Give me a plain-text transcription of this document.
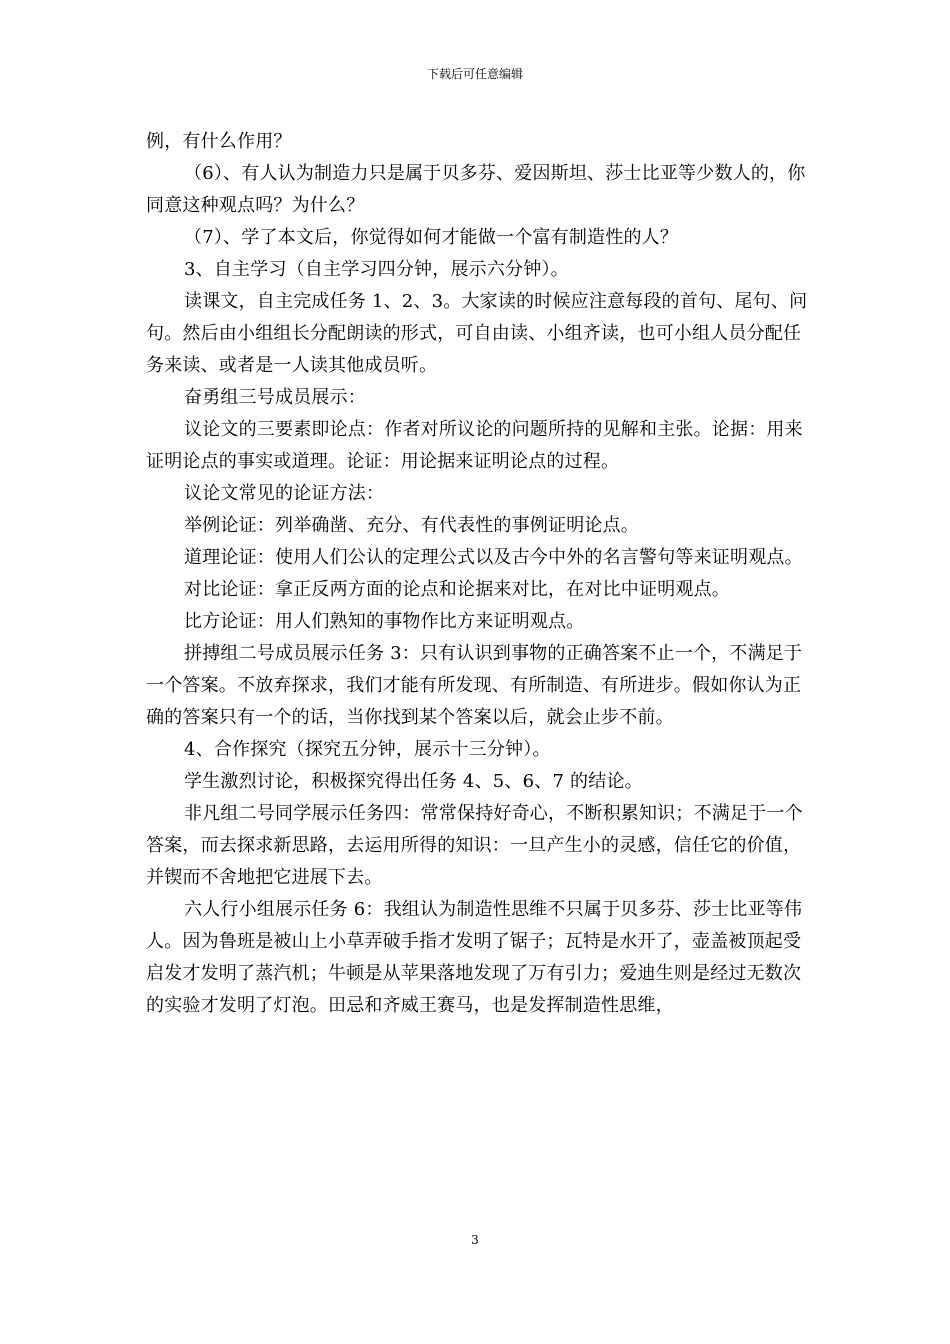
下载后可任意编辑

例，有什么作用？

（6）、有人认为制造力只是属于贝多芬、爱因斯坦、莎士比亚等少数人的，你同意这种观点吗？为什么？

（7）、学了本文后，你觉得如何才能做一个富有制造性的人？

3、自主学习（自主学习四分钟，展示六分钟）。

读课文，自主完成任务 1、2、3。大家读的时候应注意每段的首句、尾句、问句。然后由小组组长分配朗读的形式，可自由读、小组齐读，也可小组人员分配任务来读、或者是一人读其他成员听。

奋勇组三号成员展示：

议论文的三要素即论点：作者对所议论的问题所持的见解和主张。论据：用来证明论点的事实或道理。论证：用论据来证明论点的过程。

议论文常见的论证方法：

举例论证：列举确凿、充分、有代表性的事例证明论点。

道理论证：使用人们公认的定理公式以及古今中外的名言警句等来证明观点。

对比论证：拿正反两方面的论点和论据来对比，在对比中证明观点。

比方论证：用人们熟知的事物作比方来证明观点。

拼搏组二号成员展示任务 3：只有认识到事物的正确答案不止一个，不满足于一个答案。不放弃探求，我们才能有所发现、有所制造、有所进步。假如你认为正确的答案只有一个的话，当你找到某个答案以后，就会止步不前。

4、合作探究（探究五分钟，展示十三分钟）。

学生激烈讨论，积极探究得出任务 4、5、6、7 的结论。

非凡组二号同学展示任务四：常常保持好奇心，不断积累知识；不满足于一个答案，而去探求新思路，去运用所得的知识：一旦产生小的灵感，信任它的价值，并锲而不舍地把它进展下去。

六人行小组展示任务 6：我组认为制造性思维不只属于贝多芬、莎士比亚等伟人。因为鲁班是被山上小草弄破手指才发明了锯子；瓦特是水开了，壶盖被顶起受启发才发明了蒸汽机；牛顿是从苹果落地发现了万有引力；爱迪生则是经过无数次的实验才发明了灯泡。田忌和齐威王赛马，也是发挥制造性思维，

3
